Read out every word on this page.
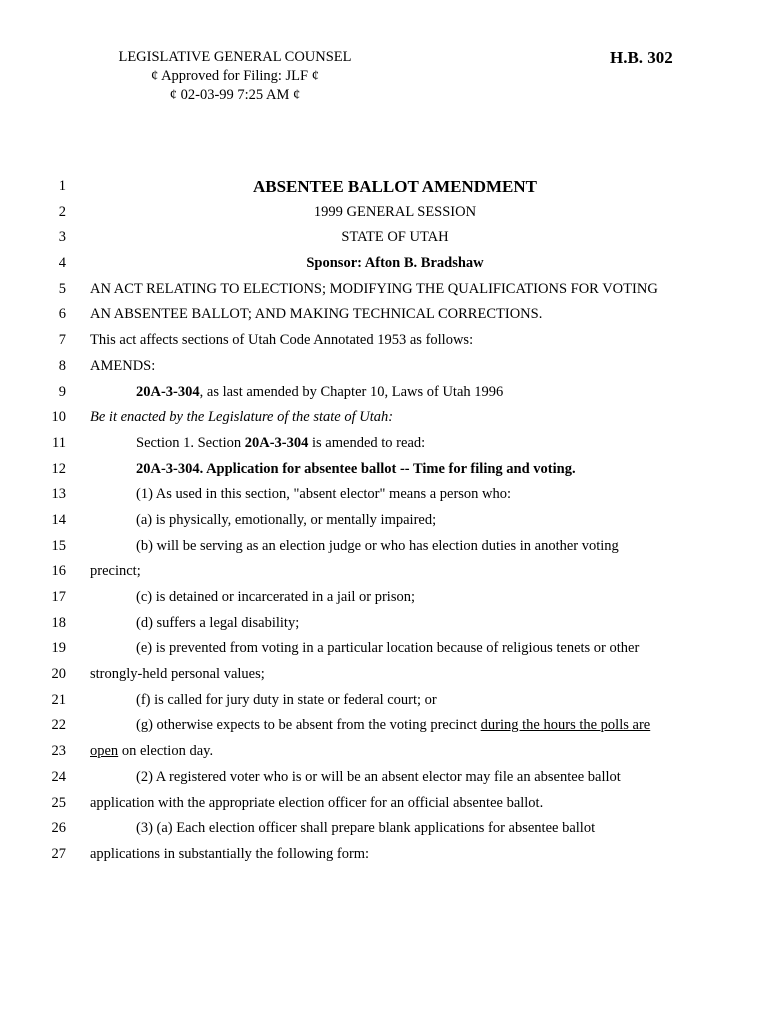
LEGISLATIVE GENERAL COUNSEL
¢ Approved for Filing: JLF ¢
¢ 02-03-99 7:25 AM ¢
H.B. 302
1	ABSENTEE BALLOT AMENDMENT
2	1999 GENERAL SESSION
3	STATE OF UTAH
4	Sponsor: Afton B. Bradshaw
5 AN ACT RELATING TO ELECTIONS; MODIFYING THE QUALIFICATIONS FOR VOTING
6 AN ABSENTEE BALLOT; AND MAKING TECHNICAL CORRECTIONS.
7 This act affects sections of Utah Code Annotated 1953 as follows:
8 AMENDS:
9	20A-3-304, as last amended by Chapter 10, Laws of Utah 1996
10 Be it enacted by the Legislature of the state of Utah:
11	Section 1. Section 20A-3-304 is amended to read:
12	20A-3-304. Application for absentee ballot -- Time for filing and voting.
13	(1) As used in this section, "absent elector" means a person who:
14	(a) is physically, emotionally, or mentally impaired;
15	(b) will be serving as an election judge or who has election duties in another voting
16 precinct;
17	(c) is detained or incarcerated in a jail or prison;
18	(d) suffers a legal disability;
19	(e) is prevented from voting in a particular location because of religious tenets or other
20 strongly-held personal values;
21	(f) is called for jury duty in state or federal court; or
22	(g) otherwise expects to be absent from the voting precinct during the hours the polls are
23 open on election day.
24	(2) A registered voter who is or will be an absent elector may file an absentee ballot
25 application with the appropriate election officer for an official absentee ballot.
26	(3) (a) Each election officer shall prepare blank applications for absentee ballot
27 applications in substantially the following form:
